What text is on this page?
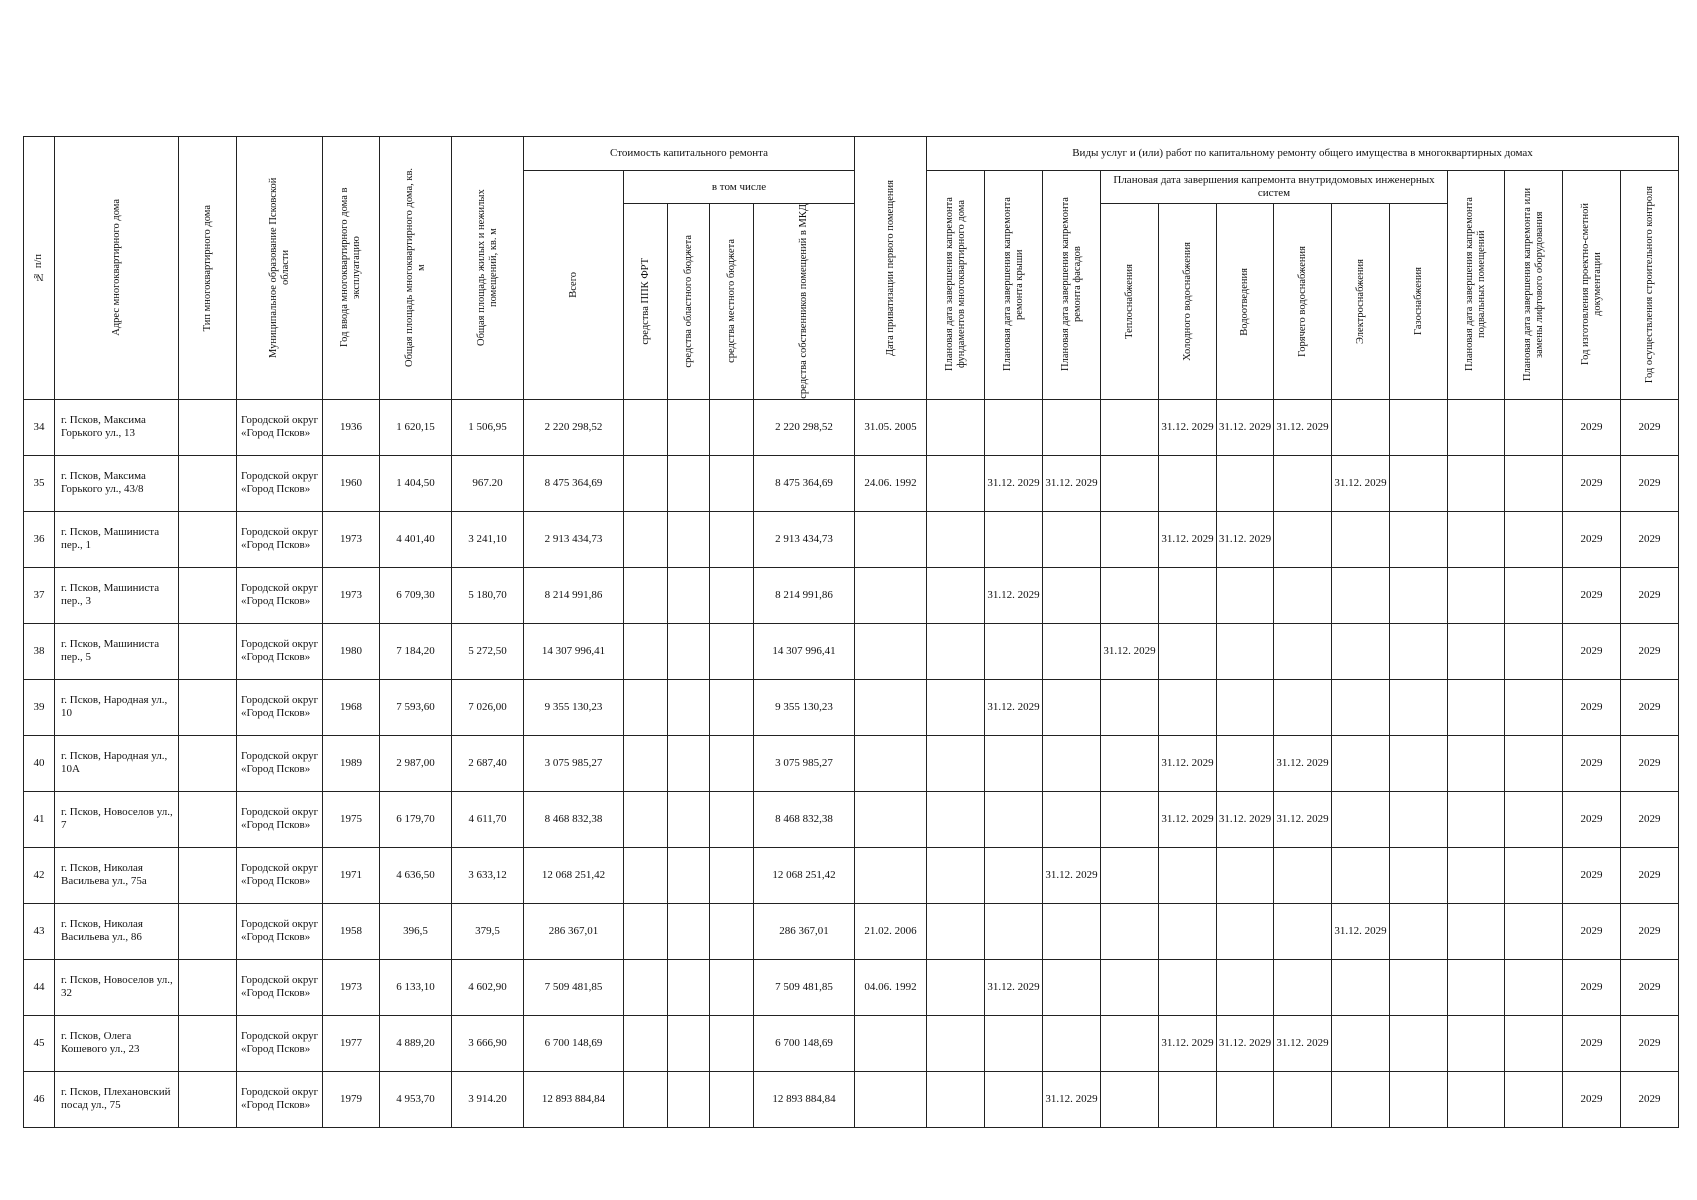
№ п/п	Адрес многоквартирного дома	Тип многоквартирного дома	Муниципальное образование Псковской области	Год ввода многоквартирного дома в эксплуатацию	Общая площадь многоквартирного дома, кв. м	Общая площадь жилых и нежилых помещений, кв. м	Стоимость капитального ремонта					Дата приватизации первого помещения	Виды услуг и (или) работ по капитальному ремонту общего имущества в многоквартирных домах												

							Всего	в том числе					Плановая дата завершения капремонта фундаментов многоквартирного дома	Плановая дата завершения капремонта ремонта крыши	Плановая дата завершения капремонта ремонта фасадов	Плановая дата завершения капремонта внутридомовых инженерных систем						Плановая дата завершения капремонта подвальных помещений	Плановая дата завершения капремонта или замены лифтового оборудования	Год изготовления проектно-сметной документации	Год осуществления строительного контроля

								средства ППК ФРТ	средства областного бюджета	средства местного бюджета	средства собственников помещений в МКД					Теплоснабжения	Холодного водоснабжения	Водоотведения	Горячего водоснабжения	Электроснабжения	Газоснабжения				

34	г. Псков, Максима Горького ул., 13		Городской округ «Город Псков»	1936	1 620,15	1 506,95	2 220 298,52				2 220 298,52	31.05. 2005					31.12. 2029	31.12. 2029	31.12. 2029					2029	2029
35	г. Псков, Максима Горького ул., 43/8		Городской округ «Город Псков»	1960	1 404,50	967.20	8 475 364,69				8 475 364,69	24.06. 1992		31.12. 2029	31.12. 2029					31.12. 2029				2029	2029
36	г. Псков, Машиниста пер., 1		Городской округ «Город Псков»	1973	4 401,40	3 241,10	2 913 434,73				2 913 434,73						31.12. 2029	31.12. 2029						2029	2029
37	г. Псков, Машиниста пер., 3		Городской округ «Город Псков»	1973	6 709,30	5 180,70	8 214 991,86				8 214 991,86			31.12. 2029										2029	2029
38	г. Псков, Машиниста пер., 5		Городской округ «Город Псков»	1980	7 184,20	5 272,50	14 307 996,41				14 307 996,41					31.12. 2029								2029	2029
39	г. Псков, Народная ул., 10		Городской округ «Город Псков»	1968	7 593,60	7 026,00	9 355 130,23				9 355 130,23			31.12. 2029										2029	2029
40	г. Псков, Народная ул., 10А		Городской округ «Город Псков»	1989	2 987,00	2 687,40	3 075 985,27				3 075 985,27						31.12. 2029		31.12. 2029					2029	2029
41	г. Псков, Новоселов ул., 7		Городской округ «Город Псков»	1975	6 179,70	4 611,70	8 468 832,38				8 468 832,38						31.12. 2029	31.12. 2029	31.12. 2029					2029	2029
42	г. Псков, Николая Васильева ул., 75а		Городской округ «Город Псков»	1971	4 636,50	3 633,12	12 068 251,42				12 068 251,42				31.12. 2029									2029	2029
43	г. Псков, Николая Васильева ул., 86		Городской округ «Город Псков»	1958	396,5	379,5	286 367,01				286 367,01	21.02. 2006								31.12. 2029				2029	2029
44	г. Псков, Новоселов ул., 32		Городской округ «Город Псков»	1973	6 133,10	4 602,90	7 509 481,85				7 509 481,85	04.06. 1992		31.12. 2029										2029	2029
45	г. Псков, Олега Кошевого ул., 23		Городской округ «Город Псков»	1977	4 889,20	3 666,90	6 700 148,69				6 700 148,69						31.12. 2029	31.12. 2029	31.12. 2029					2029	2029
46	г. Псков, Плехановский посад ул., 75		Городской округ «Город Псков»	1979	4 953,70	3 914.20	12 893 884,84				12 893 884,84				31.12. 2029									2029	2029
